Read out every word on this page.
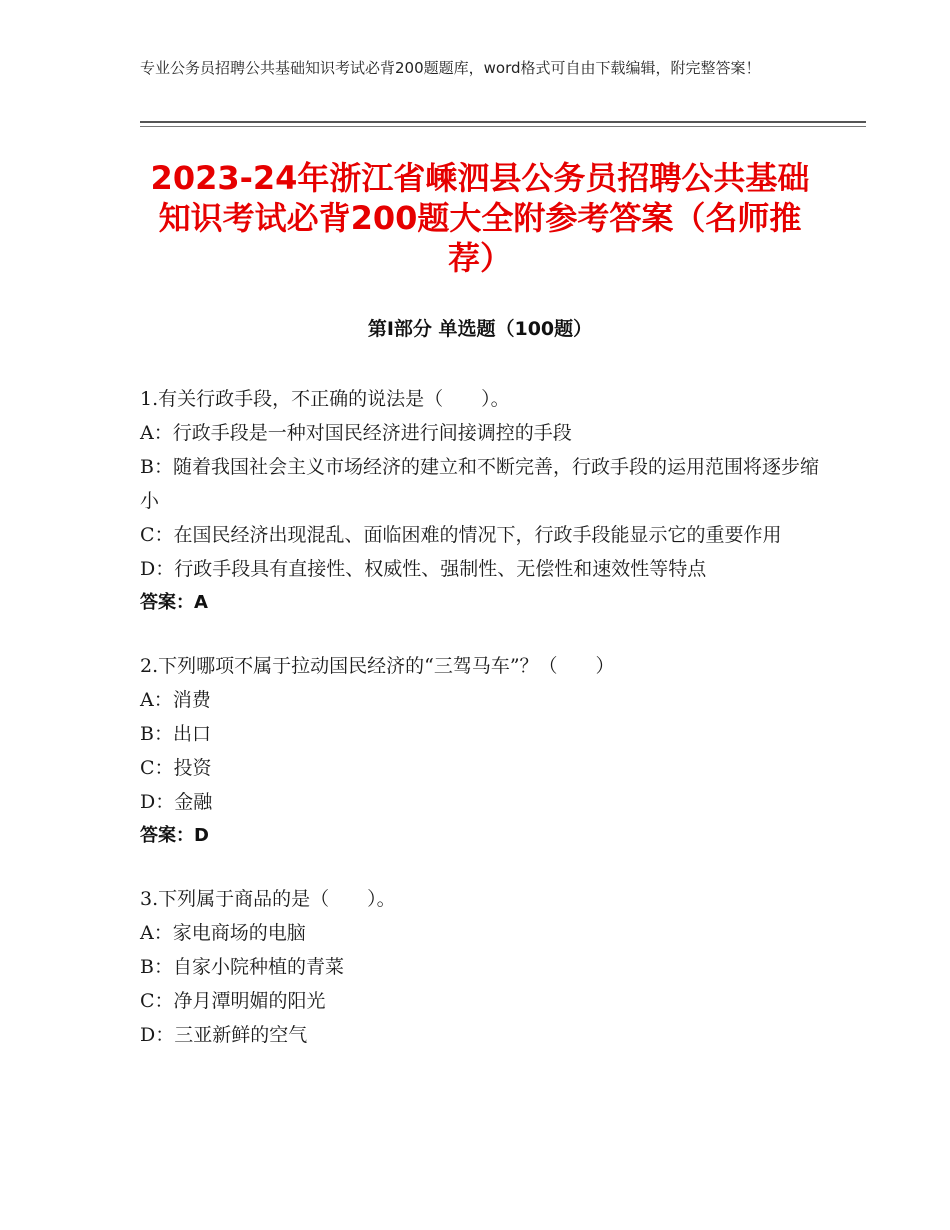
专业公务员招聘公共基础知识考试必背200题题库，word格式可自由下载编辑，附完整答案！
2023-24年浙江省嵊泗县公务员招聘公共基础知识考试必背200题大全附参考答案（名师推荐）
第Ⅰ部分 单选题（100题）
1.有关行政手段，不正确的说法是（　　）。
A：行政手段是一种对国民经济进行间接调控的手段
B：随着我国社会主义市场经济的建立和不断完善，行政手段的运用范围将逐步缩小
C：在国民经济出现混乱、面临困难的情况下，行政手段能显示它的重要作用
D：行政手段具有直接性、权威性、强制性、无偿性和速效性等特点
答案：A
2.下列哪项不属于拉动国民经济的“三驾马车”？（　　）
A：消费
B：出口
C：投资
D：金融
答案：D
3.下列属于商品的是（　　）。
A：家电商场的电脑
B：自家小院种植的青菜
C：净月潭明媚的阳光
D：三亚新鲜的空气
